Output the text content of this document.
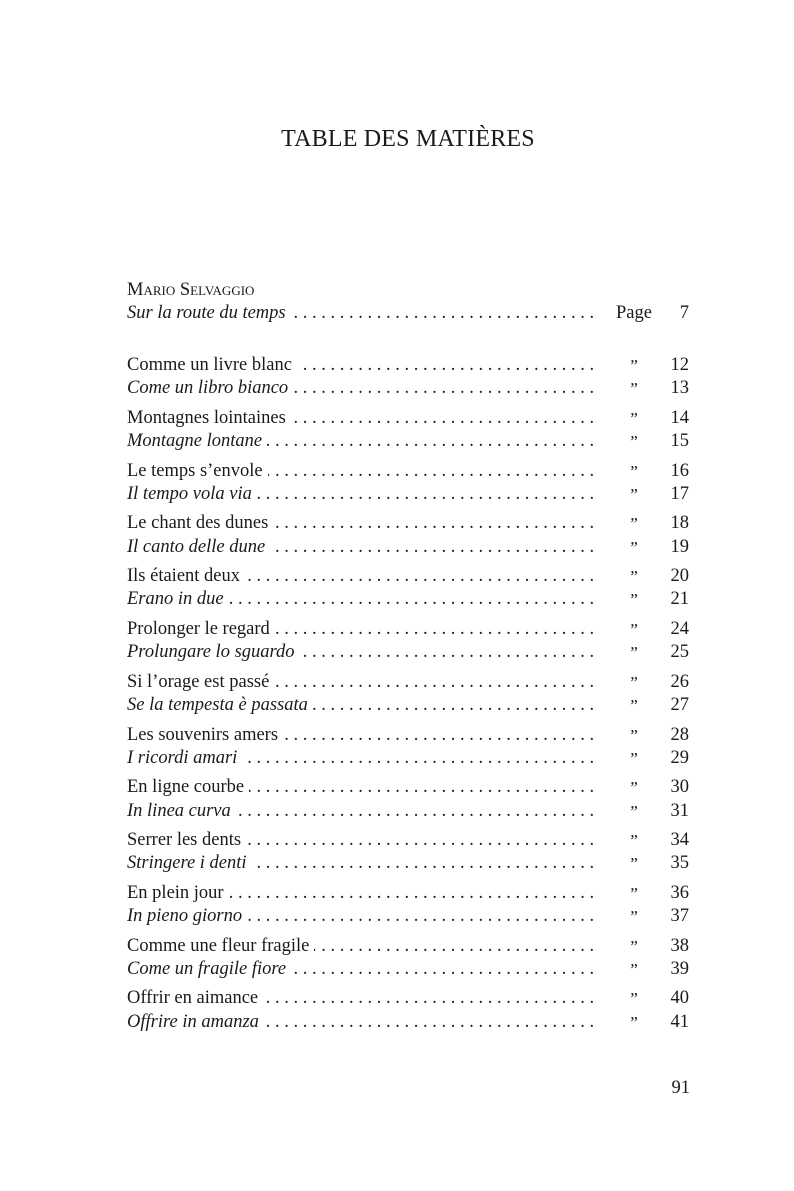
TABLE DES MATIÈRES
Mario Selvaggio
Sur la route du temps . . .	Page 7
Comme un livre blanc . . .	”	12
Come un libro bianco . . .	”	13
Montagnes lointaines . . .	”	14
Montagne lontane . . .	”	15
Le temps s’envole . . .	”	16
Il tempo vola via . . .	”	17
Le chant des dunes . . .	”	18
Il canto delle dune . . .	”	19
Ils étaient deux . . .	”	20
Erano in due . . .	”	21
Prolonger le regard . . .	”	24
Prolungare lo sguardo . . .	”	25
Si l’orage est passé . . .	”	26
Se la tempesta è passata . . .	”	27
Les souvenirs amers . . .	”	28
I ricordi amari . . .	”	29
En ligne courbe . . .	”	30
In linea curva . . .	”	31
Serrer les dents . . .	”	34
Stringere i denti . . .	”	35
En plein jour . . .	”	36
In pieno giorno . . .	”	37
Comme une fleur fragile . . .	”	38
Come un fragile fiore . . .	”	39
Offrir en aimance . . .	”	40
Offrire in amanza . . .	”	41
91
